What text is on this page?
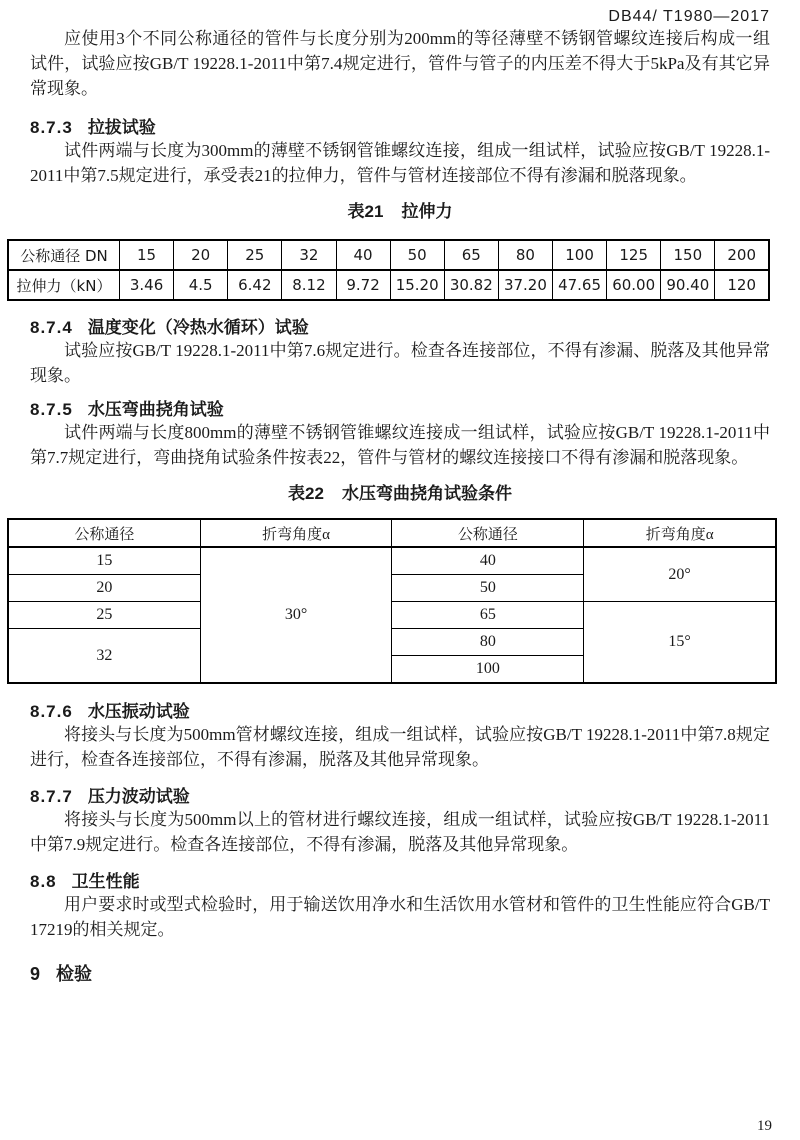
DB44/ T1980—2017

应使用3个不同公称通径的管件与长度分别为200mm的等径薄壁不锈钢管螺纹连接后构成一组试件，试验应按GB/T 19228.1-2011中第7.4规定进行，管件与管子的内压差不得大于5kPa及有其它异常现象。

8.7.3 拉拔试验

试件两端与长度为300mm的薄壁不锈钢管锥螺纹连接，组成一组试样，试验应按GB/T 19228.1-2011中第7.5规定进行，承受表21的拉伸力，管件与管材连接部位不得有渗漏和脱落现象。

表21 拉伸力
公称通径 DN	15	20	25	32	40	50	65	80	100	125	150	200
拉伸力（kN）	3.46	4.5	6.42	8.12	9.72	15.20	30.82	37.20	47.65	60.00	90.40	120
8.7.4 温度变化（冷热水循环）试验

试验应按GB/T 19228.1-2011中第7.6规定进行。检查各连接部位，不得有渗漏、脱落及其他异常现象。

8.7.5 水压弯曲挠角试验

试件两端与长度800mm的薄壁不锈钢管锥螺纹连接成一组试样，试验应按GB/T 19228.1-2011中第7.7规定进行，弯曲挠角试验条件按表22，管件与管材的螺纹连接接口不得有渗漏和脱落现象。

表22 水压弯曲挠角试验条件
公称通径	折弯角度α	公称通径	折弯角度α
15	30°	40	20°
20		50	
25		65	15°
32		80	
		100	
8.7.6 水压振动试验

将接头与长度为500mm管材螺纹连接，组成一组试样，试验应按GB/T 19228.1-2011中第7.8规定进行，检查各连接部位，不得有渗漏，脱落及其他异常现象。

8.7.7 压力波动试验

将接头与长度为500mm以上的管材进行螺纹连接，组成一组试样，试验应按GB/T 19228.1-2011中第7.9规定进行。检查各连接部位，不得有渗漏，脱落及其他异常现象。

8.8 卫生性能

用户要求时或型式检验时，用于输送饮用净水和生活饮用水管材和管件的卫生性能应符合GB/T 17219的相关规定。

9 检验
19
